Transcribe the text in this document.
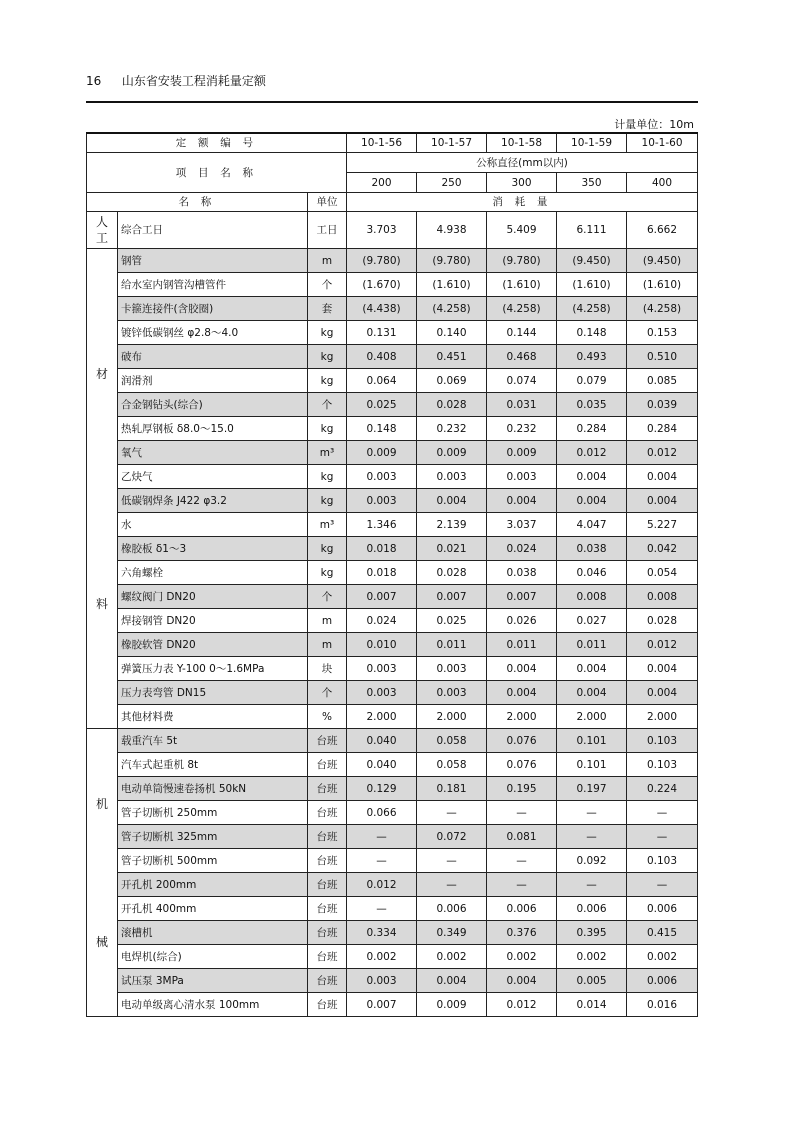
16 山东省安装工程消耗量定额
计量单位：10m
定 额 编 号			10-1-56	10-1-57	10-1-58	10-1-59	10-1-60
项 目 名 称			公称直径(mm以内)				
			200	250	300	350	400
名 称		单位	消 耗 量				

人
工	综合工日	工日	3.703	4.938	5.409	6.111	6.662

材
料	钢管	m	(9.780)	(9.780)	(9.780)	(9.450)	(9.450)
	给水室内钢管沟槽管件	个	(1.670)	(1.610)	(1.610)	(1.610)	(1.610)
	卡箍连接件(含胶圈)	套	(4.438)	(4.258)	(4.258)	(4.258)	(4.258)
	镀锌低碳钢丝 φ2.8～4.0	kg	0.131	0.140	0.144	0.148	0.153
	破布	kg	0.408	0.451	0.468	0.493	0.510
	润滑剂	kg	0.064	0.069	0.074	0.079	0.085
	合金钢钻头(综合)	个	0.025	0.028	0.031	0.035	0.039
	热轧厚钢板 δ8.0～15.0	kg	0.148	0.232	0.232	0.284	0.284
	氧气	m³	0.009	0.009	0.009	0.012	0.012
	乙炔气	kg	0.003	0.003	0.003	0.004	0.004
	低碳钢焊条 J422 φ3.2	kg	0.003	0.004	0.004	0.004	0.004
	水	m³	1.346	2.139	3.037	4.047	5.227
	橡胶板 δ1～3	kg	0.018	0.021	0.024	0.038	0.042
	六角螺栓	kg	0.018	0.028	0.038	0.046	0.054
	螺纹阀门 DN20	个	0.007	0.007	0.007	0.008	0.008
	焊接钢管 DN20	m	0.024	0.025	0.026	0.027	0.028
	橡胶软管 DN20	m	0.010	0.011	0.011	0.011	0.012
	弹簧压力表 Y-100 0～1.6MPa	块	0.003	0.003	0.004	0.004	0.004
	压力表弯管 DN15	个	0.003	0.003	0.004	0.004	0.004
	其他材料费	%	2.000	2.000	2.000	2.000	2.000

机
械	载重汽车 5t	台班	0.040	0.058	0.076	0.101	0.103
	汽车式起重机 8t	台班	0.040	0.058	0.076	0.101	0.103
	电动单筒慢速卷扬机 50kN	台班	0.129	0.181	0.195	0.197	0.224
	管子切断机 250mm	台班	0.066	—	—	—	—
	管子切断机 325mm	台班	—	0.072	0.081	—	—
	管子切断机 500mm	台班	—	—	—	0.092	0.103
	开孔机 200mm	台班	0.012	—	—	—	—
	开孔机 400mm	台班	—	0.006	0.006	0.006	0.006
	滚槽机	台班	0.334	0.349	0.376	0.395	0.415
	电焊机(综合)	台班	0.002	0.002	0.002	0.002	0.002
	试压泵 3MPa	台班	0.003	0.004	0.004	0.005	0.006
	电动单级离心清水泵 100mm	台班	0.007	0.009	0.012	0.014	0.016
